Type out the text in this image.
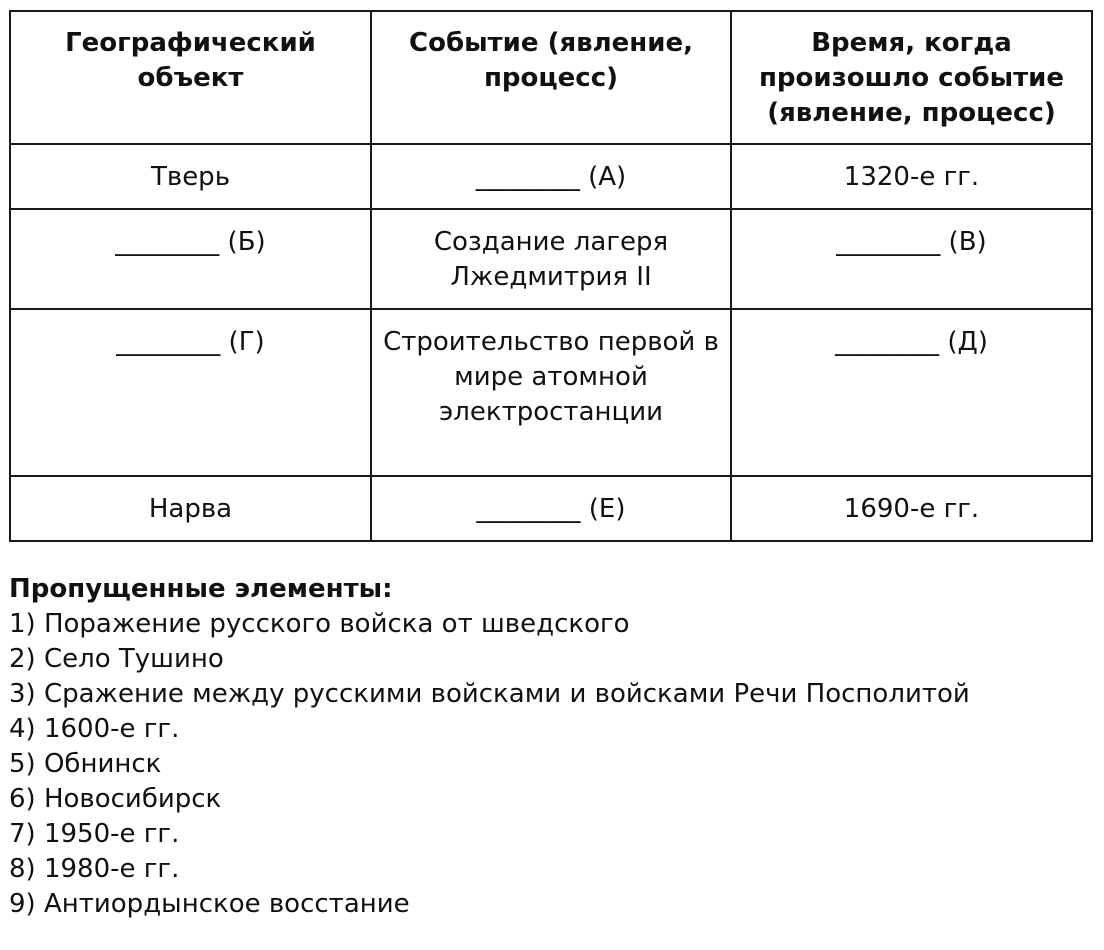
Географический объект	Событие (явление, процесс)	Время, когда произошло событие (явление, процесс)
Тверь	________ (А)	1320-е гг.
________ (Б)	Создание лагеря Лжедмитрия II	________ (В)
________ (Г)	Строительство первой в мире атомной электростанции	________ (Д)
Нарва	________ (Е)	1690-е гг.
Пропущенные элементы:
1) Поражение русского войска от шведского
2) Село Тушино
3) Сражение между русскими войсками и войсками Речи Посполитой
4) 1600-е гг.
5) Обнинск
6) Новосибирск
7) 1950-е гг.
8) 1980-е гг.
9) Антиордынское восстание
